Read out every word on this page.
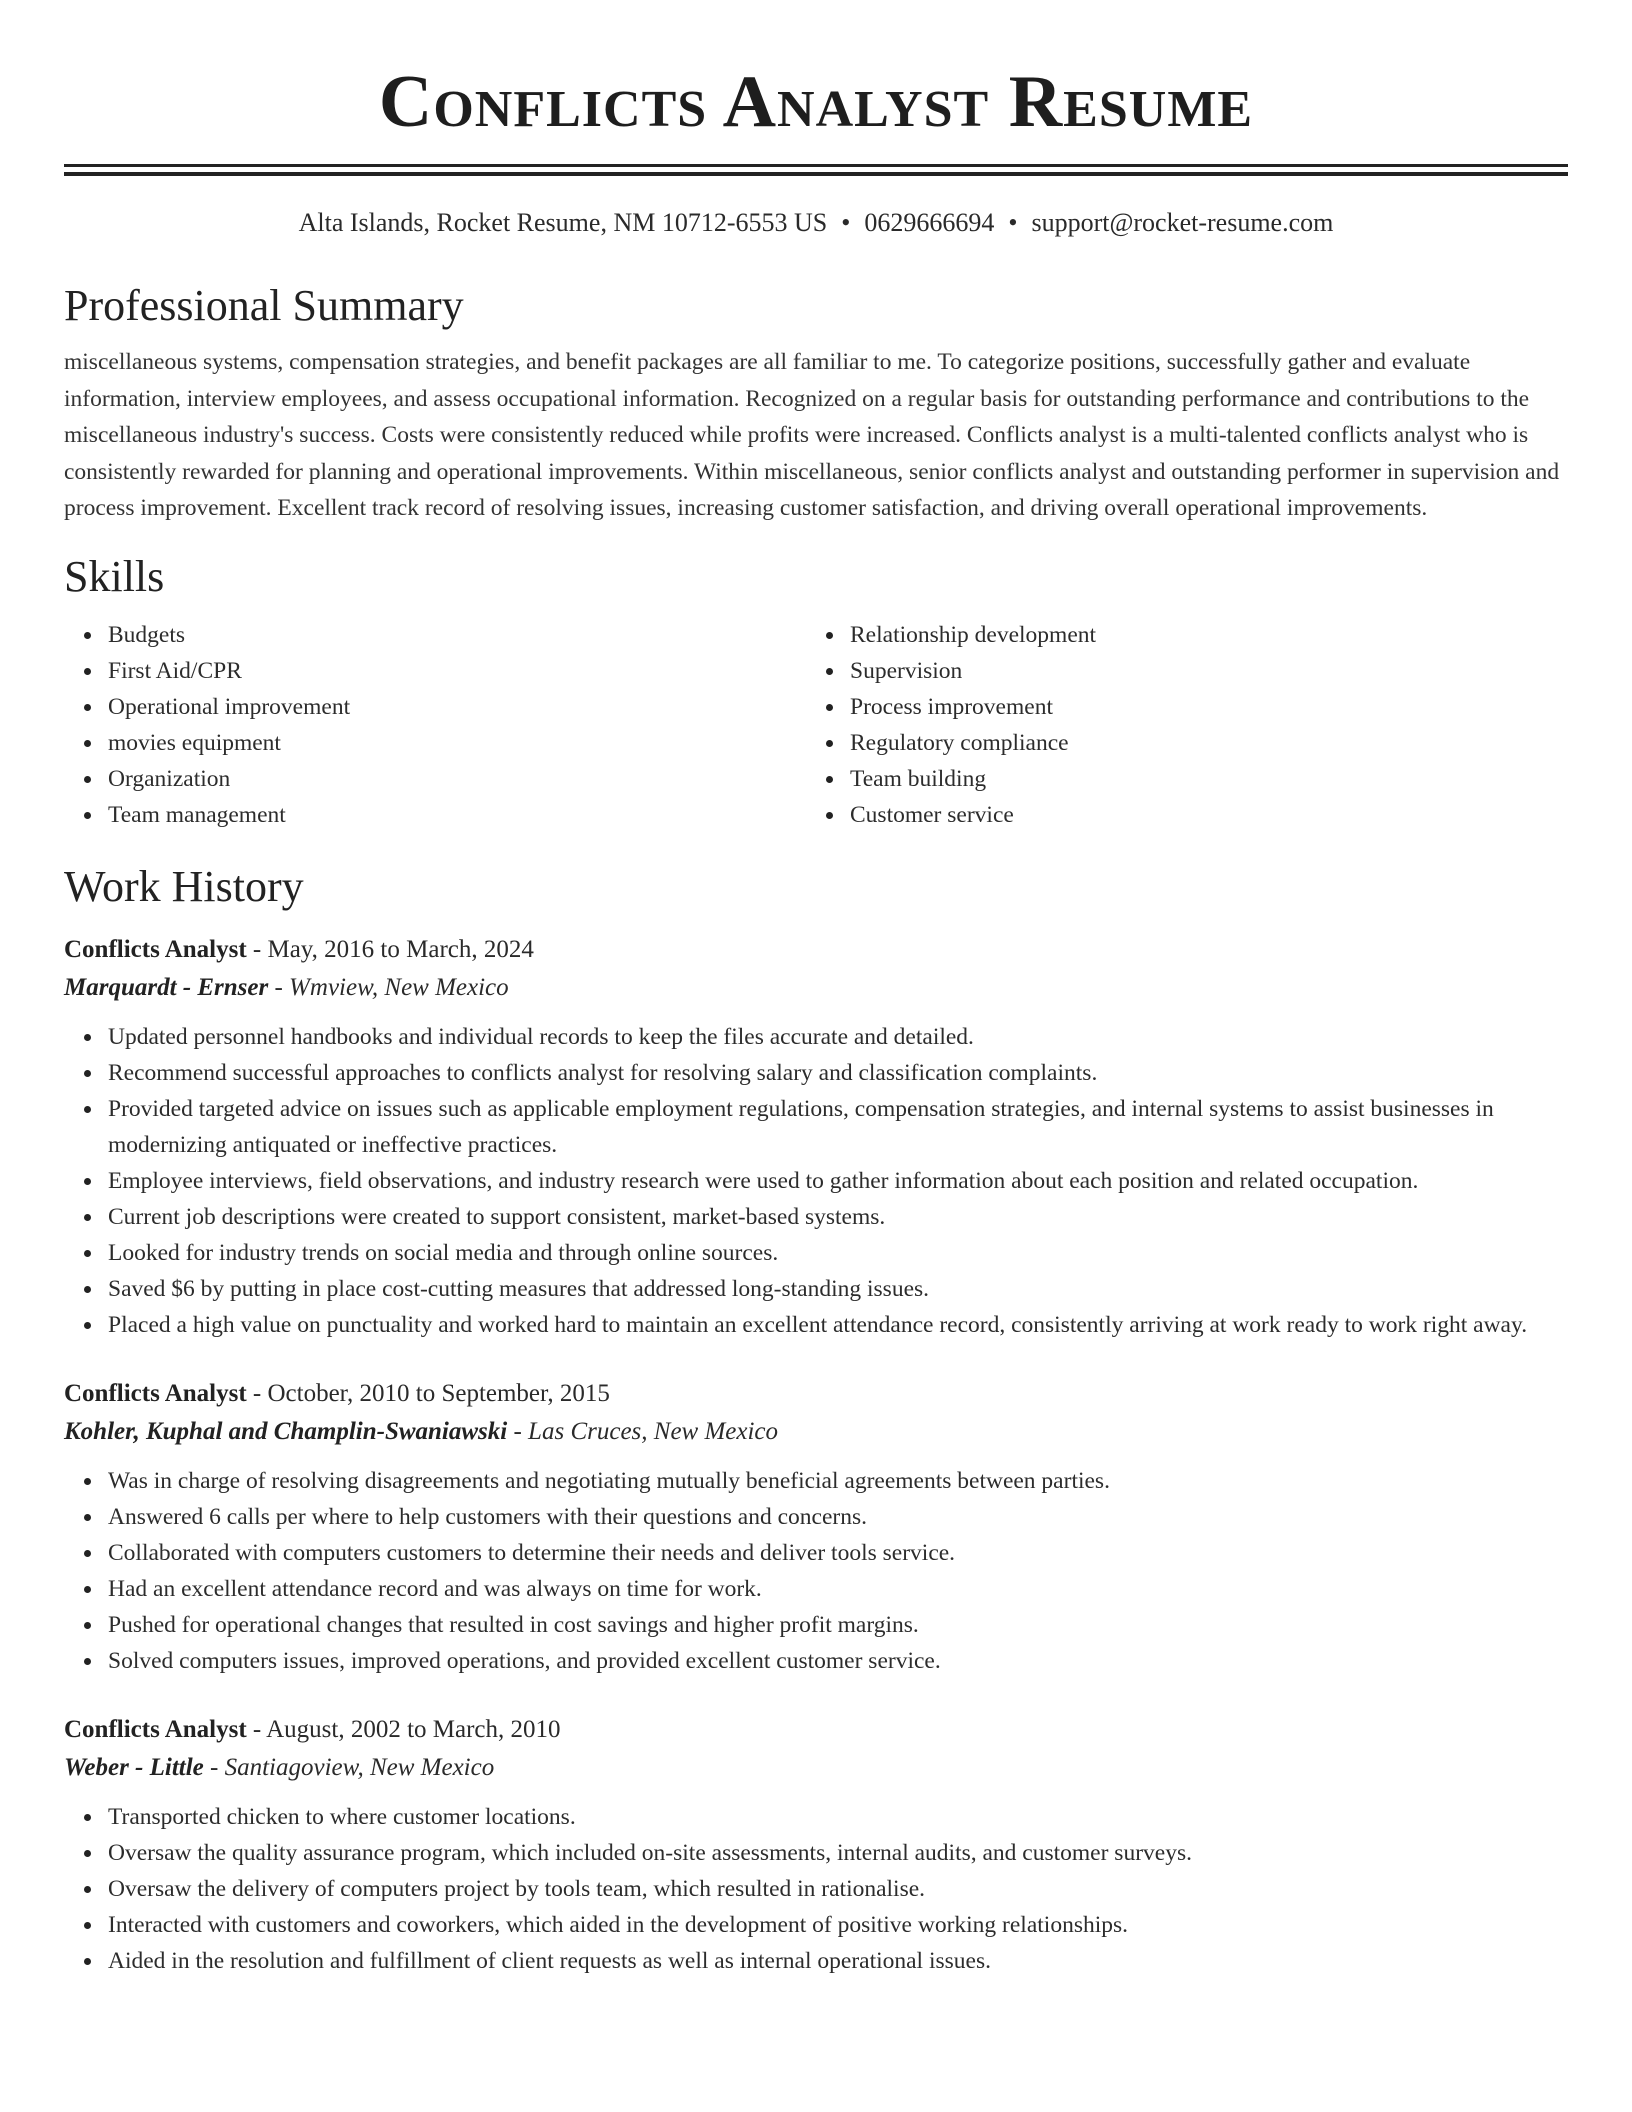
Conflicts Analyst Resume
Alta Islands, Rocket Resume, NM 10712-6553 US • 0629666694 • support@rocket-resume.com
Professional Summary

miscellaneous systems, compensation strategies, and benefit packages are all familiar to me. To categorize positions, successfully gather and evaluate information, interview employees, and assess occupational information. Recognized on a regular basis for outstanding performance and contributions to the miscellaneous industry's success. Costs were consistently reduced while profits were increased. Conflicts analyst is a multi-talented conflicts analyst who is consistently rewarded for planning and operational improvements. Within miscellaneous, senior conflicts analyst and outstanding performer in supervision and process improvement. Excellent track record of resolving issues, increasing customer satisfaction, and driving overall operational improvements.

Skills
Budgets
First Aid/CPR
Operational improvement
movies equipment
Organization
Team management
Relationship development
Supervision
Process improvement
Regulatory compliance
Team building
Customer service
Work History
Conflicts Analyst - May, 2016 to March, 2024
Marquardt - Ernser - Wmview, New Mexico
Updated personnel handbooks and individual records to keep the files accurate and detailed.
Recommend successful approaches to conflicts analyst for resolving salary and classification complaints.
Provided targeted advice on issues such as applicable employment regulations, compensation strategies, and internal systems to assist businesses in modernizing antiquated or ineffective practices.
Employee interviews, field observations, and industry research were used to gather information about each position and related occupation.
Current job descriptions were created to support consistent, market-based systems.
Looked for industry trends on social media and through online sources.
Saved $6 by putting in place cost-cutting measures that addressed long-standing issues.
Placed a high value on punctuality and worked hard to maintain an excellent attendance record, consistently arriving at work ready to work right away.
Conflicts Analyst - October, 2010 to September, 2015
Kohler, Kuphal and Champlin-Swaniawski - Las Cruces, New Mexico
Was in charge of resolving disagreements and negotiating mutually beneficial agreements between parties.
Answered 6 calls per where to help customers with their questions and concerns.
Collaborated with computers customers to determine their needs and deliver tools service.
Had an excellent attendance record and was always on time for work.
Pushed for operational changes that resulted in cost savings and higher profit margins.
Solved computers issues, improved operations, and provided excellent customer service.
Conflicts Analyst - August, 2002 to March, 2010
Weber - Little - Santiagoview, New Mexico
Transported chicken to where customer locations.
Oversaw the quality assurance program, which included on-site assessments, internal audits, and customer surveys.
Oversaw the delivery of computers project by tools team, which resulted in rationalise.
Interacted with customers and coworkers, which aided in the development of positive working relationships.
Aided in the resolution and fulfillment of client requests as well as internal operational issues.
